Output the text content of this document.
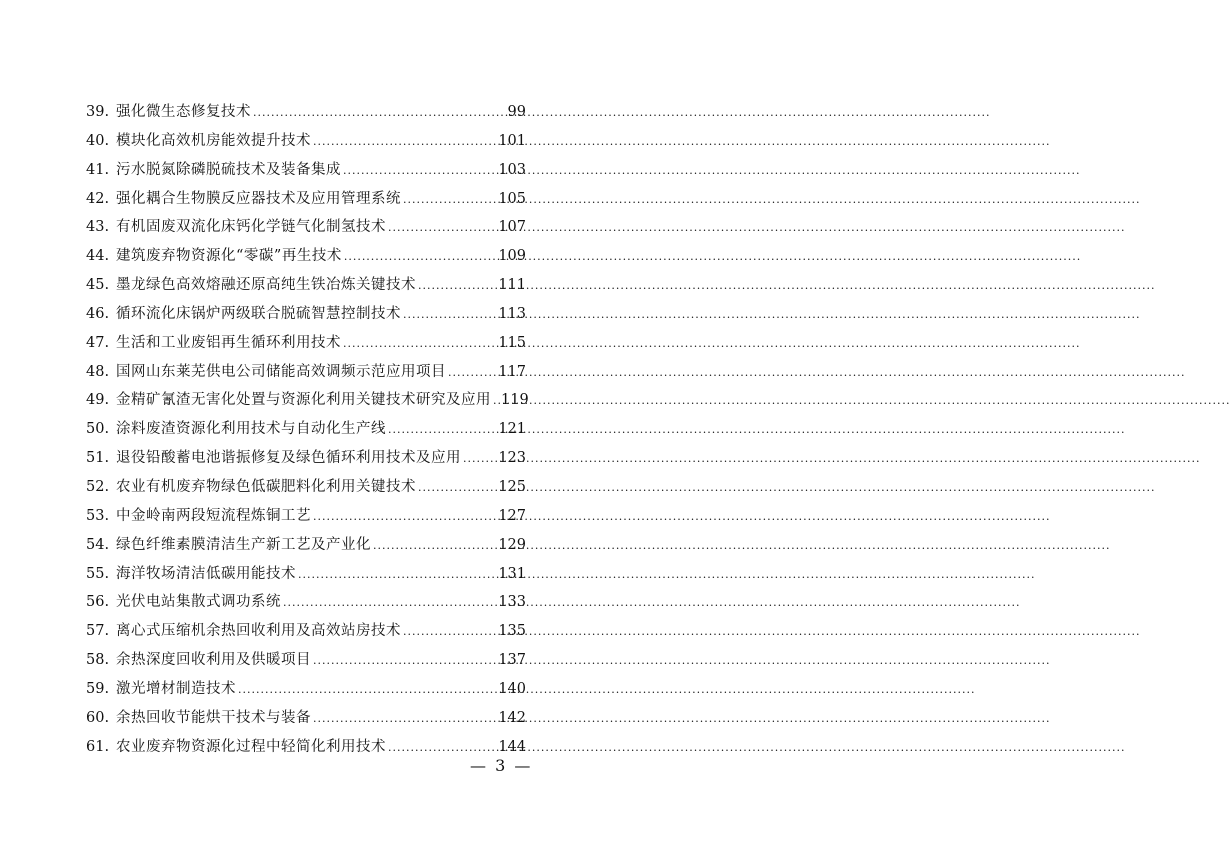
39. 强化微生态修复技术 .....	99
40. 模块化高效机房能效提升技术 .....	101
41. 污水脱氮除磷脱硫技术及装备集成 .....	103
42. 强化耦合生物膜反应器技术及应用管理系统 .....	105
43. 有机固废双流化床钙化学链气化制氢技术 .....	107
44. 建筑废弃物资源化“零碳”再生技术 .....	109
45. 墨龙绿色高效熔融还原高纯生铁冶炼关键技术 .....	111
46. 循环流化床锅炉两级联合脱硫智慧控制技术 .....	113
47. 生活和工业废铝再生循环利用技术 .....	115
48. 国网山东莱芜供电公司储能高效调频示范应用项目 .....	117
49. 金精矿氰渣无害化处置与资源化利用关键技术研究及应用 ..... 119
50. 涂料废渣资源化利用技术与自动化生产线 .....	121
51. 退役铅酸蓄电池谐振修复及绿色循环利用技术及应用 .....	123
52. 农业有机废弃物绿色低碳肥料化利用关键技术 .....	125
53. 中金岭南两段短流程炼铜工艺 .....	127
54. 绿色纤维素膜清洁生产新工艺及产业化 .....	129
55. 海洋牧场清洁低碳用能技术 .....	131
56. 光伏电站集散式调功系统 .....	133
57. 离心式压缩机余热回收利用及高效站房技术 .....	135
58. 余热深度回收利用及供暖项目 .....	137
59. 激光增材制造技术 .....	140
60. 余热回收节能烘干技术与装备 .....	142
61. 农业废弃物资源化过程中轻简化利用技术 .....	144
— 3 —
